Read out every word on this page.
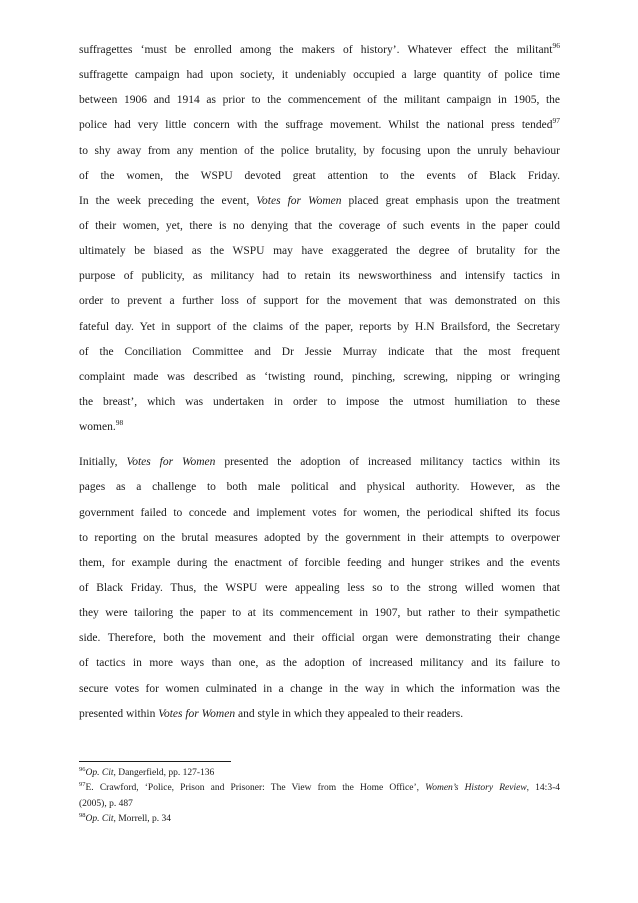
suffragettes ‘must be enrolled among the makers of history’. Whatever effect the militant$^{96}$
suffragette campaign had upon society, it undeniably occupied a large quantity of police time
between 1906 and 1914 as prior to the commencement of the militant campaign in 1905, the
police had very little concern with the suffrage movement. Whilst the national press tended$^{97}$
to shy away from any mention of the police brutality, by focusing upon the unruly behaviour
of the women, the WSPU devoted great attention to the events of Black Friday.
In the week preceding the event, Votes for Women placed great emphasis upon the treatment
of their women, yet, there is no denying that the coverage of such events in the paper could
ultimately be biased as the WSPU may have exaggerated the degree of brutality for the
purpose of publicity, as militancy had to retain its newsworthiness and intensify tactics in
order to prevent a further loss of support for the movement that was demonstrated on this
fateful day. Yet in support of the claims of the paper, reports by H.N Brailsford, the Secretary
of the Conciliation Committee and Dr Jessie Murray indicate that the most frequent
complaint made was described as ‘twisting round, pinching, screwing, nipping or wringing
the breast’, which was undertaken in order to impose the utmost humiliation to these
women.$^{98}$
Initially, Votes for Women presented the adoption of increased militancy tactics within its
pages as a challenge to both male political and physical authority. However, as the
government failed to concede and implement votes for women, the periodical shifted its focus
to reporting on the brutal measures adopted by the government in their attempts to overpower
them, for example during the enactment of forcible feeding and hunger strikes and the events
of Black Friday. Thus, the WSPU were appealing less so to the strong willed women that
they were tailoring the paper to at its commencement in 1907, but rather to their sympathetic
side. Therefore, both the movement and their official organ were demonstrating their change
of tactics in more ways than one, as the adoption of increased militancy and its failure to
secure votes for women culminated in a change in the way in which the information was the
presented within Votes for Women and style in which they appealed to their readers.
$^{96}$Op. Cit, Dangerfield, pp. 127-136
$^{97}$E. Crawford, ‘Police, Prison and Prisoner: The View from the Home Office’, Women’s History Review, 14:3-4
(2005), p. 487
$^{98}$Op. Cit, Morrell, p. 34
